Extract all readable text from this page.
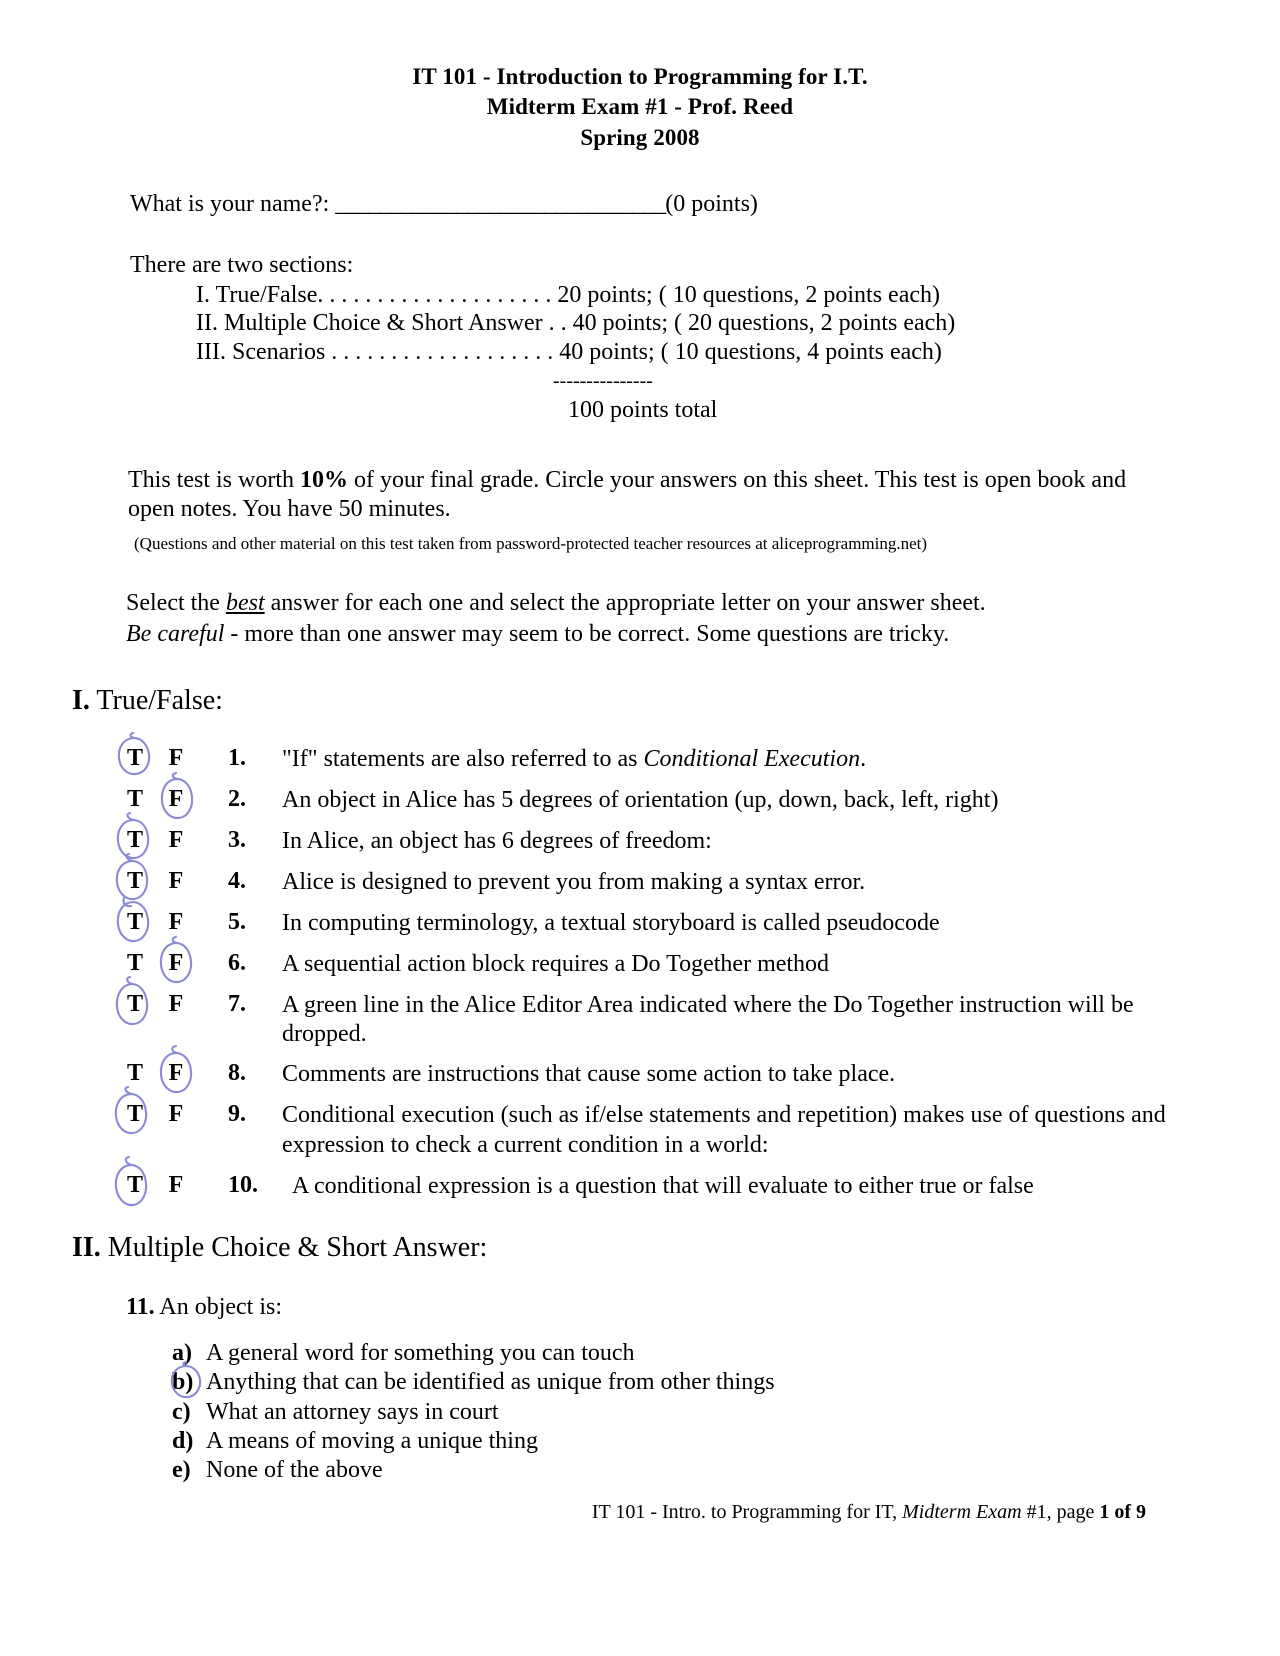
IT 101 - Introduction to Programming for I.T.
Midterm Exam #1 - Prof. Reed
Spring 2008
What is your name?: ______________________________(0 points)
There are two sections:
I. True/False. . . . . . . . . . . . . . . . . . . . 20 points; ( 10 questions, 2 points each)
II. Multiple Choice & Short Answer . . 40 points; ( 20 questions, 2 points each)
III. Scenarios . . . . . . . . . . . . . . . . . . . 40 points; ( 10 questions, 4 points each)
---------------
100 points total
This test is worth 10% of your final grade. Circle your answers on this sheet. This test is open book and open notes. You have 50 minutes.
(Questions and other material on this test taken from password-protected teacher resources at aliceprogramming.net)
Select the best answer for each one and select the appropriate letter on your answer sheet.
Be careful - more than one answer may seem to be correct. Some questions are tricky.
I. True/False:
T F 1.	"If" statements are also referred to as Conditional Execution.
T F 2.	An object in Alice has 5 degrees of orientation (up, down, back, left, right)
T F 3.	In Alice, an object has 6 degrees of freedom:
T F 4.	Alice is designed to prevent you from making a syntax error.
T F 5.	In computing terminology, a textual storyboard is called pseudocode
T F 6.	A sequential action block requires a Do Together method
T F 7.	A green line in the Alice Editor Area indicated where the Do Together instruction will be dropped.
T F 8.	Comments are instructions that cause some action to take place.
T F 9.	Conditional execution (such as if/else statements and repetition) makes use of questions and expression to check a current condition in a world:
T F 10.	A conditional expression is a question that will evaluate to either true or false
II. Multiple Choice & Short Answer:
11. An object is:
a) A general word for something you can touch
b) Anything that can be identified as unique from other things
c) What an attorney says in court
d) A means of moving a unique thing
e) None of the above
IT 101 - Intro. to Programming for IT, Midterm Exam #1, page 1 of 9
